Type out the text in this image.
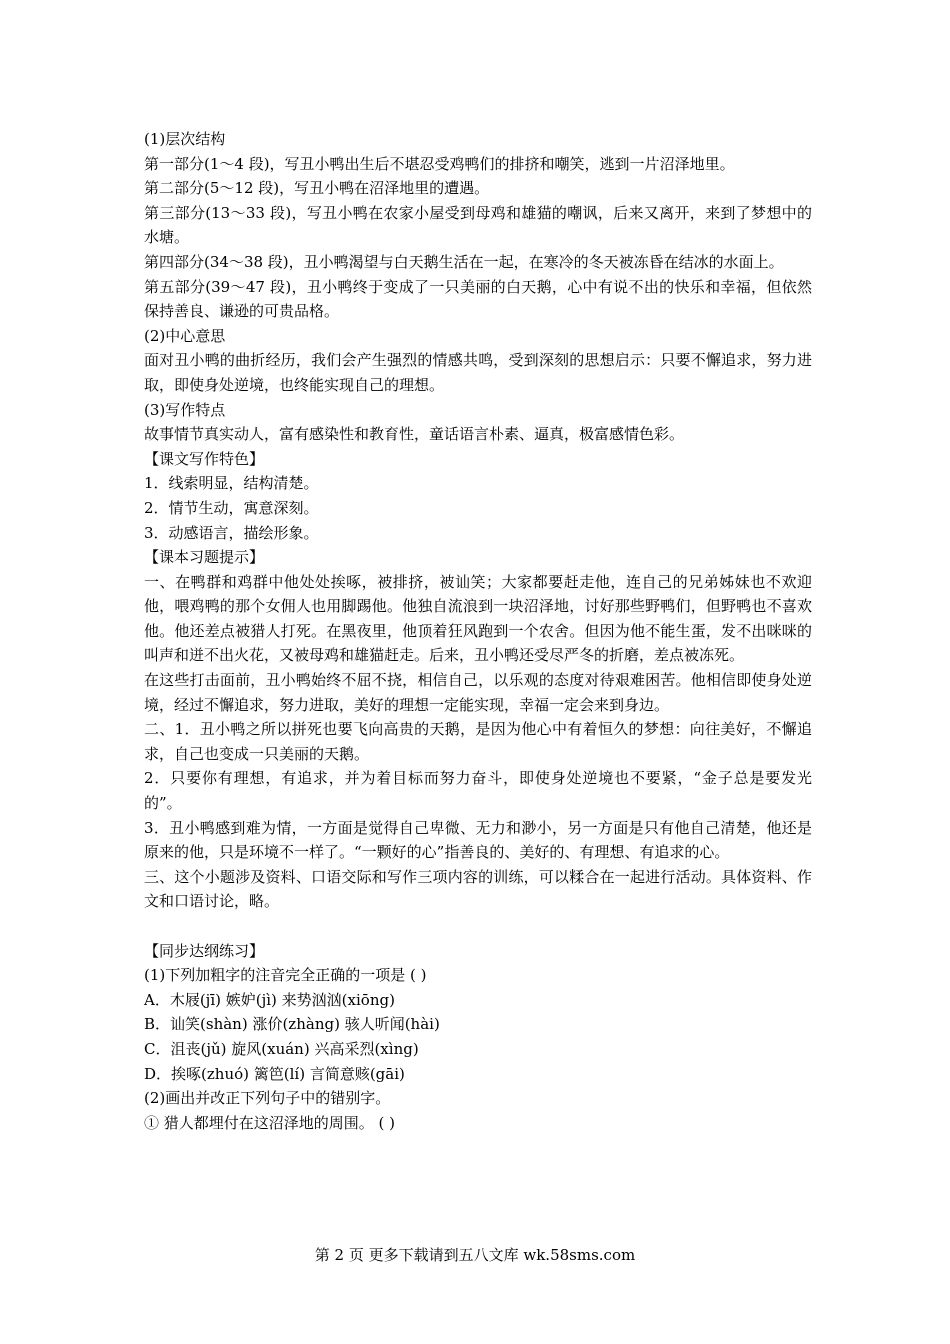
(1)层次结构

第一部分(1～4 段)，写丑小鸭出生后不堪忍受鸡鸭们的排挤和嘲笑，逃到一片沼泽地里。

第二部分(5～12 段)，写丑小鸭在沼泽地里的遭遇。

第三部分(13～33 段)，写丑小鸭在农家小屋受到母鸡和雄猫的嘲讽，后来又离开，来到了梦想中的水塘。

第四部分(34～38 段)，丑小鸭渴望与白天鹅生活在一起，在寒冷的冬天被冻昏在结冰的水面上。

第五部分(39～47 段)，丑小鸭终于变成了一只美丽的白天鹅，心中有说不出的快乐和幸福，但依然保持善良、谦逊的可贵品格。

(2)中心意思

面对丑小鸭的曲折经历，我们会产生强烈的情感共鸣，受到深刻的思想启示：只要不懈追求，努力进取，即使身处逆境，也终能实现自己的理想。

(3)写作特点

故事情节真实动人，富有感染性和教育性，童话语言朴素、逼真，极富感情色彩。

【课文写作特色】

1．线索明显，结构清楚。

2．情节生动，寓意深刻。

3．动感语言，描绘形象。

【课本习题提示】

一、在鸭群和鸡群中他处处挨啄，被排挤，被讪笑；大家都要赶走他，连自己的兄弟姊妹也不欢迎他，喂鸡鸭的那个女佣人也用脚踢他。他独自流浪到一块沼泽地，讨好那些野鸭们，但野鸭也不喜欢他。他还差点被猎人打死。在黑夜里，他顶着狂风跑到一个农舍。但因为他不能生蛋，发不出咪咪的叫声和迸不出火花，又被母鸡和雄猫赶走。后来，丑小鸭还受尽严冬的折磨，差点被冻死。

在这些打击面前，丑小鸭始终不屈不挠，相信自己，以乐观的态度对待艰难困苦。他相信即使身处逆境，经过不懈追求，努力进取，美好的理想一定能实现，幸福一定会来到身边。

二、1．丑小鸭之所以拼死也要飞向高贵的天鹅，是因为他心中有着恒久的梦想：向往美好，不懈追求，自己也变成一只美丽的天鹅。

2．只要你有理想，有追求，并为着目标而努力奋斗，即使身处逆境也不要紧，“金子总是要发光的”。

3．丑小鸭感到难为情，一方面是觉得自己卑微、无力和渺小，另一方面是只有他自己清楚，他还是原来的他，只是环境不一样了。“一颗好的心”指善良的、美好的、有理想、有追求的心。

三、这个小题涉及资料、口语交际和写作三项内容的训练，可以糅合在一起进行活动。具体资料、作文和口语讨论，略。

【同步达纲练习】

(1)下列加粗字的注音完全正确的一项是 ( )

A．木屐(jī) 嫉妒(jì) 来势汹汹(xiōng)

B．讪笑(shàn) 涨价(zhàng) 骇人听闻(hài)

C．沮丧(jǔ) 旋风(xuán) 兴高采烈(xìng)

D．挨啄(zhuó) 篱笆(lí) 言简意赅(gāi)

(2)画出并改正下列句子中的错别字。

① 猎人都埋付在这沼泽地的周围。 ( )

第 2 页 更多下载请到五八文库 wk.58sms.com
